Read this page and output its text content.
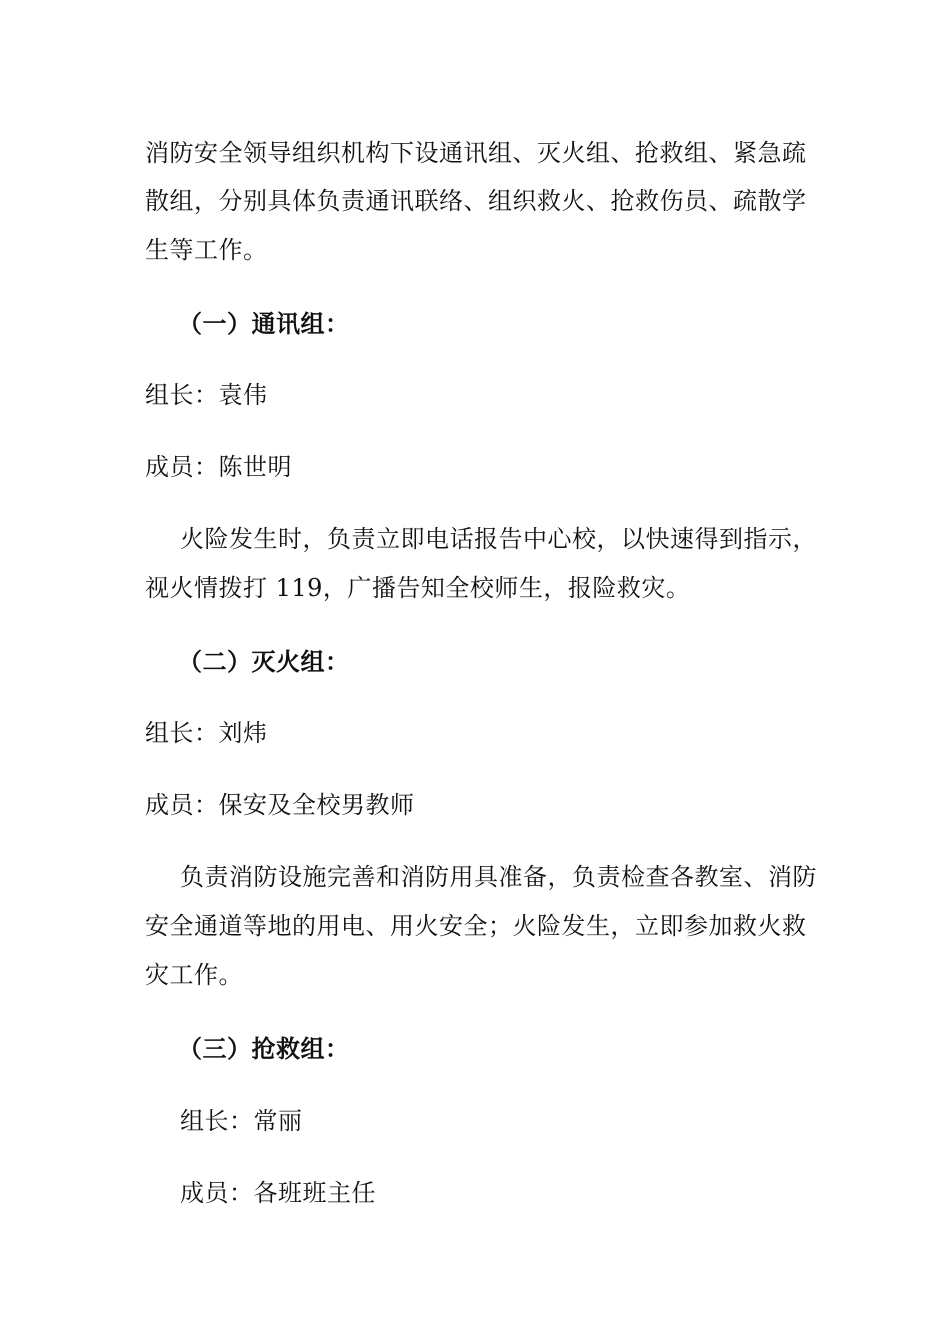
消防安全领导组织机构下设通讯组、灭火组、抢救组、紧急疏
散组，分别具体负责通讯联络、组织救火、抢救伤员、疏散学
生等工作。
（一）通讯组：
组长：袁伟
成员：陈世明
火险发生时，负责立即电话报告中心校，以快速得到指示，
视火情拨打 119，广播告知全校师生，报险救灾。
（二）灭火组：
组长：刘炜
成员：保安及全校男教师
负责消防设施完善和消防用具准备，负责检查各教室、消防
安全通道等地的用电、用火安全；火险发生，立即参加救火救
灾工作。
（三）抢救组：
组长：常丽
成员：各班班主任
